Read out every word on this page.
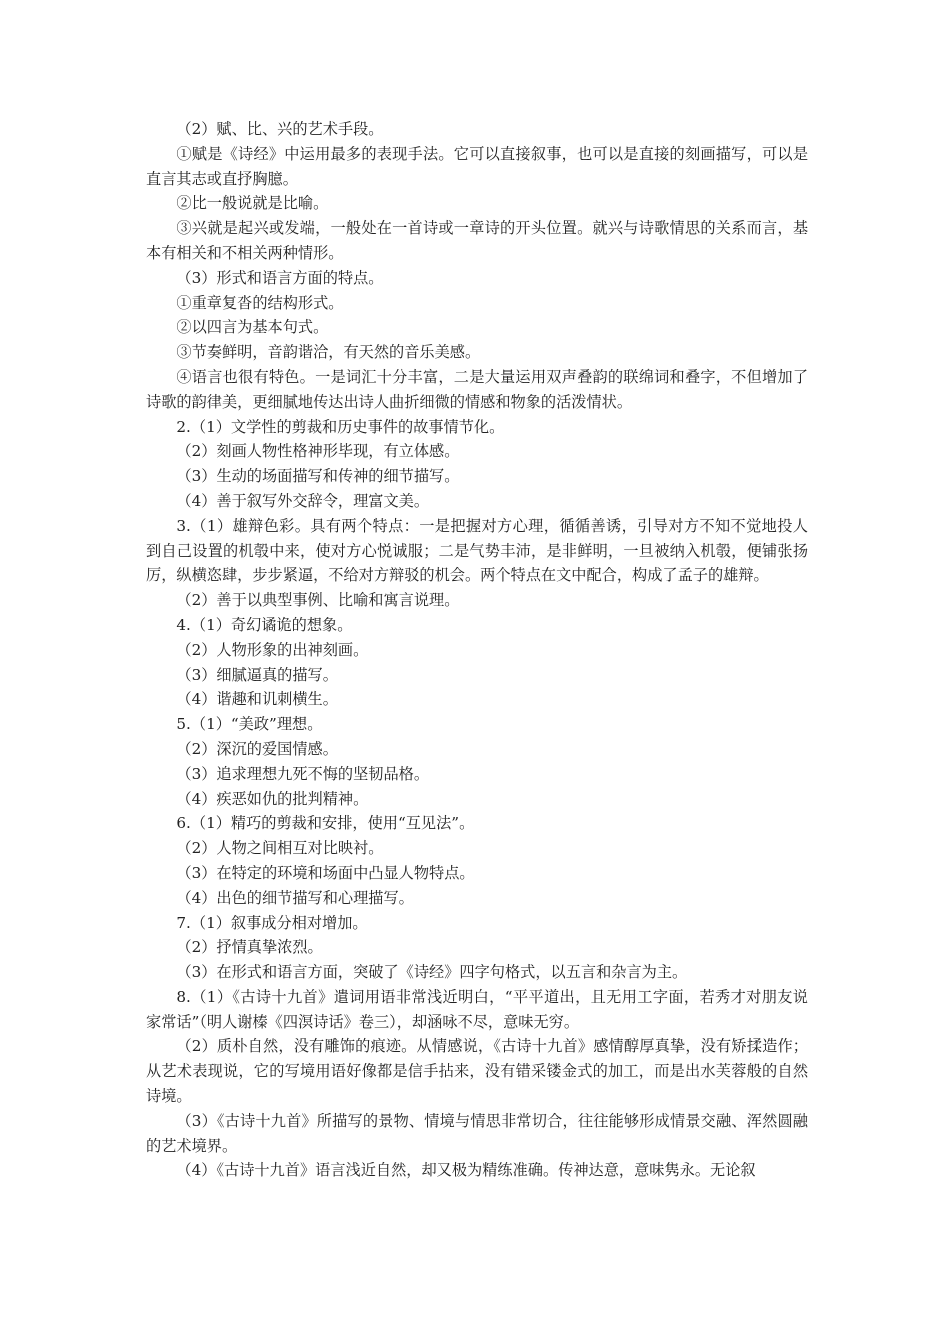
（2）赋、比、兴的艺术手段。

①赋是《诗经》中运用最多的表现手法。它可以直接叙事，也可以是直接的刻画描写，可以是直言其志或直抒胸臆。

②比一般说就是比喻。

③兴就是起兴或发端，一般处在一首诗或一章诗的开头位置。就兴与诗歌情思的关系而言，基本有相关和不相关两种情形。

（3）形式和语言方面的特点。

①重章复沓的结构形式。

②以四言为基本句式。

③节奏鲜明，音韵谐洽，有天然的音乐美感。

④语言也很有特色。一是词汇十分丰富，二是大量运用双声叠韵的联绵词和叠字，不但增加了诗歌的韵律美，更细腻地传达出诗人曲折细微的情感和物象的活泼情状。

2.（1）文学性的剪裁和历史事件的故事情节化。

（2）刻画人物性格神形毕现，有立体感。

（3）生动的场面描写和传神的细节描写。

（4）善于叙写外交辞令，理富文美。

3.（1）雄辩色彩。具有两个特点：一是把握对方心理，循循善诱，引导对方不知不觉地投人到自己设置的机彀中来，使对方心悦诚服；二是气势丰沛，是非鲜明，一旦被纳入机彀，便铺张扬厉，纵横恣肆，步步紧逼，不给对方辩驳的机会。两个特点在文中配合，构成了孟子的雄辩。

（2）善于以典型事例、比喻和寓言说理。

4.（1）奇幻谲诡的想象。

（2）人物形象的出神刻画。

（3）细腻逼真的描写。

（4）谐趣和讥刺横生。

5.（1）“美政”理想。

（2）深沉的爱国情感。

（3）追求理想九死不悔的坚韧品格。

（4）疾恶如仇的批判精神。

6.（1）精巧的剪裁和安排，使用“互见法”。

（2）人物之间相互对比映衬。

（3）在特定的环境和场面中凸显人物特点。

（4）出色的细节描写和心理描写。

7.（1）叙事成分相对增加。

（2）抒情真挚浓烈。

（3）在形式和语言方面，突破了《诗经》四字句格式，以五言和杂言为主。

8.（1）《古诗十九首》遣词用语非常浅近明白，“平平道出，且无用工字面，若秀才对朋友说家常话”（明人谢榛《四溟诗话》卷三），却涵咏不尽，意味无穷。

（2）质朴自然，没有雕饰的痕迹。从情感说，《古诗十九首》感情醇厚真挚，没有矫揉造作；从艺术表现说，它的写境用语好像都是信手拈来，没有错采镂金式的加工，而是出水芙蓉般的自然诗境。

（3）《古诗十九首》所描写的景物、情境与情思非常切合，往往能够形成情景交融、浑然圆融的艺术境界。

（4）《古诗十九首》语言浅近自然，却又极为精练准确。传神达意，意味隽永。无论叙
